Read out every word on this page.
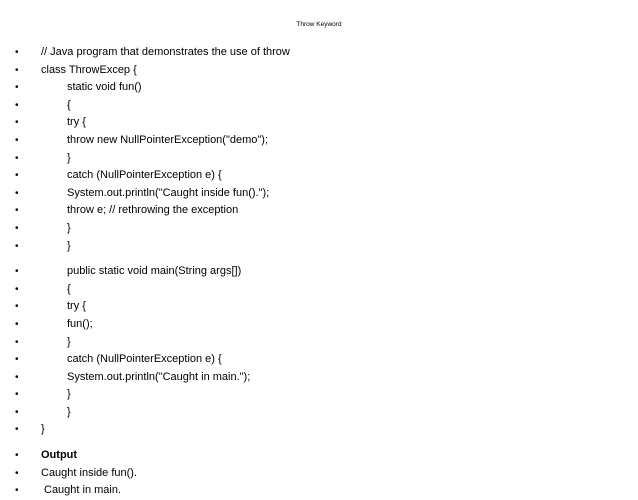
Throw Keyword
• // Java program that demonstrates the use of throw
• class ThrowExcep {
•	static void fun()
•	{
•	try {
•	throw new NullPointerException("demo");
•	}
•	catch (NullPointerException e) {
•	System.out.println("Caught inside fun().");
•	throw e; // rethrowing the exception
•	}
•	}
•	public static void main(String args[])
•	{
•	try {
•	fun();
•	}
•	catch (NullPointerException e) {
•	System.out.println("Caught in main.");
•	}
•	}
• }
• Output
• Caught inside fun().
• Caught in main.
